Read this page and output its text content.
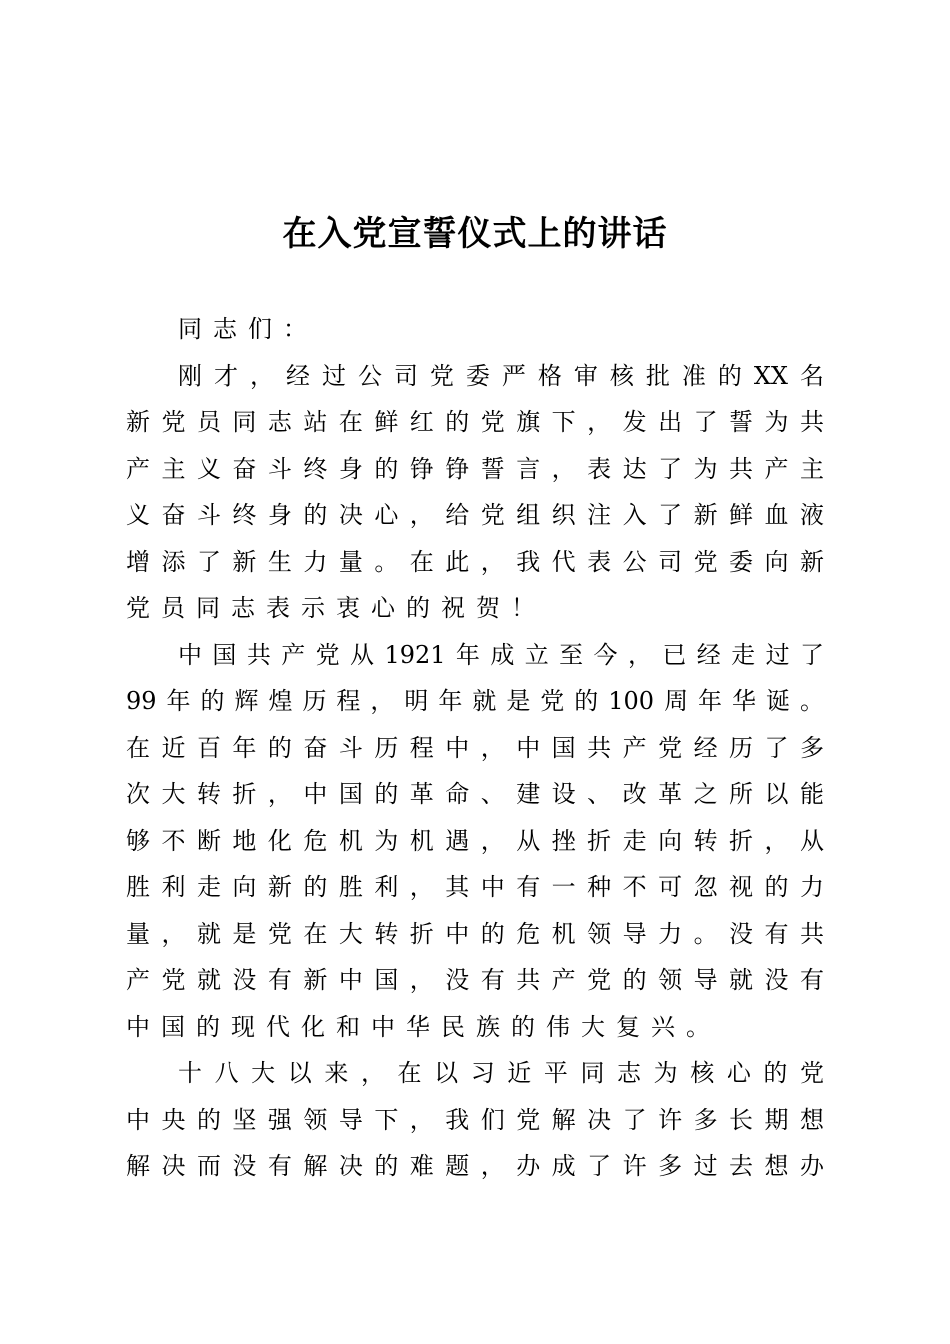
在入党宣誓仪式上的讲话
同志们：
刚才，经过公司党委严格审核批准的XX名
新党员同志站在鲜红的党旗下，发出了誓为共
产主义奋斗终身的铮铮誓言，表达了为共产主
义奋斗终身的决心，给党组织注入了新鲜血液
增添了新生力量。在此，我代表公司党委向新
党员同志表示衷心的祝贺！
中国共产党从1921年成立至今，已经走过了
99年的辉煌历程，明年就是党的100周年华诞。
在近百年的奋斗历程中，中国共产党经历了多
次大转折，中国的革命、建设、改革之所以能
够不断地化危机为机遇，从挫折走向转折，从
胜利走向新的胜利，其中有一种不可忽视的力
量，就是党在大转折中的危机领导力。没有共
产党就没有新中国，没有共产党的领导就没有
中国的现代化和中华民族的伟大复兴。
十八大以来，在以习近平同志为核心的党
中央的坚强领导下，我们党解决了许多长期想
解决而没有解决的难题，办成了许多过去想办
